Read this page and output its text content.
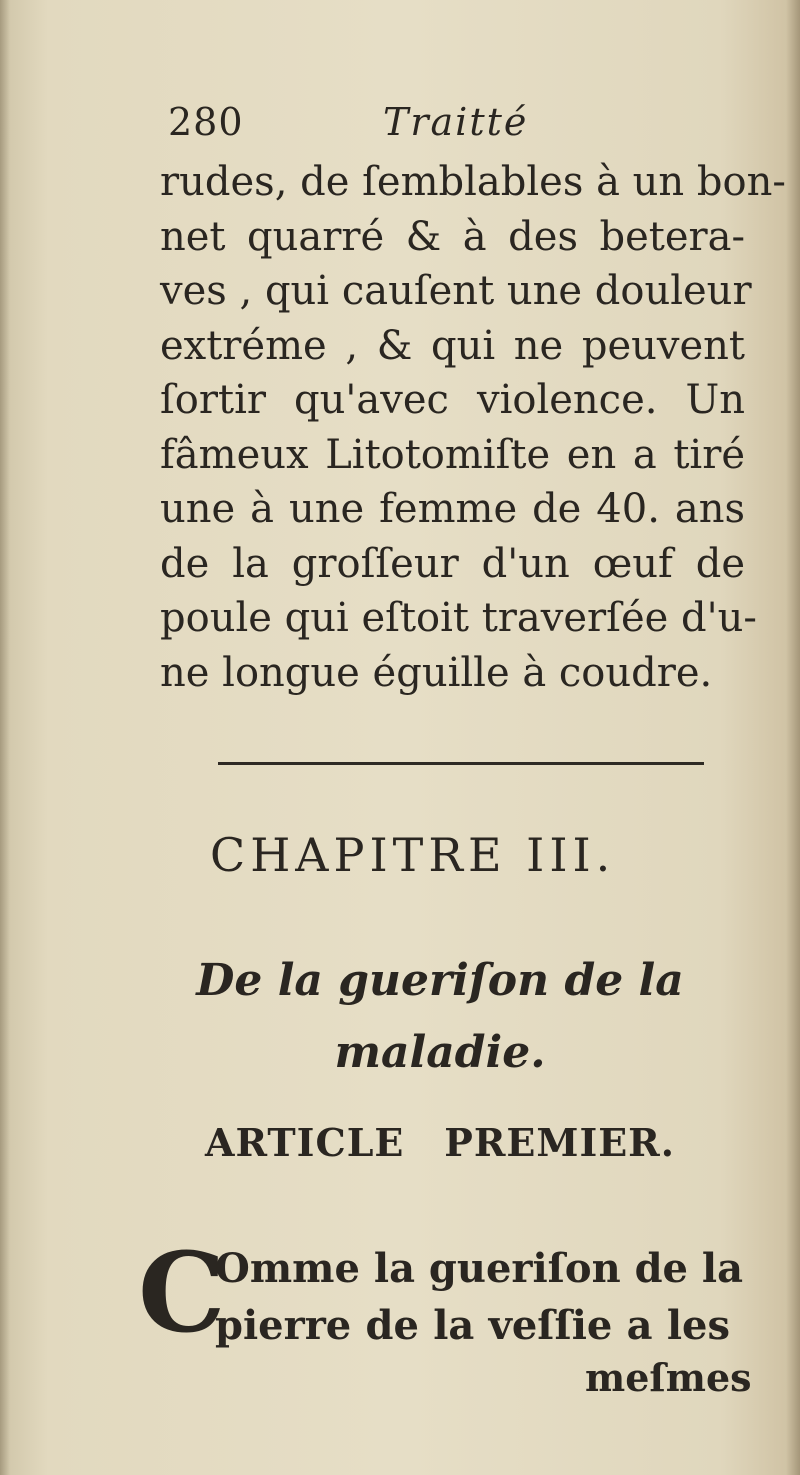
280	Traitté
rudes, de ſemblables à un bon-
net quarré & à des betera-
ves , qui cauſent une douleur
extréme , & qui ne peuvent
ſortir qu'avec violence. Un
fâmeux Litotomiſte en a tiré
une à une femme de 40. ans
de la groſſeur d'un œuf de
poule qui eſtoit traverſée d'u-
ne longue éguille à coudre.
CHAPITRE III.
De la gueriſon de la
maladie.
ARTICLE PREMIER.
C
Omme la gueriſon de la
pierre de la veſſie a les
meſmes
